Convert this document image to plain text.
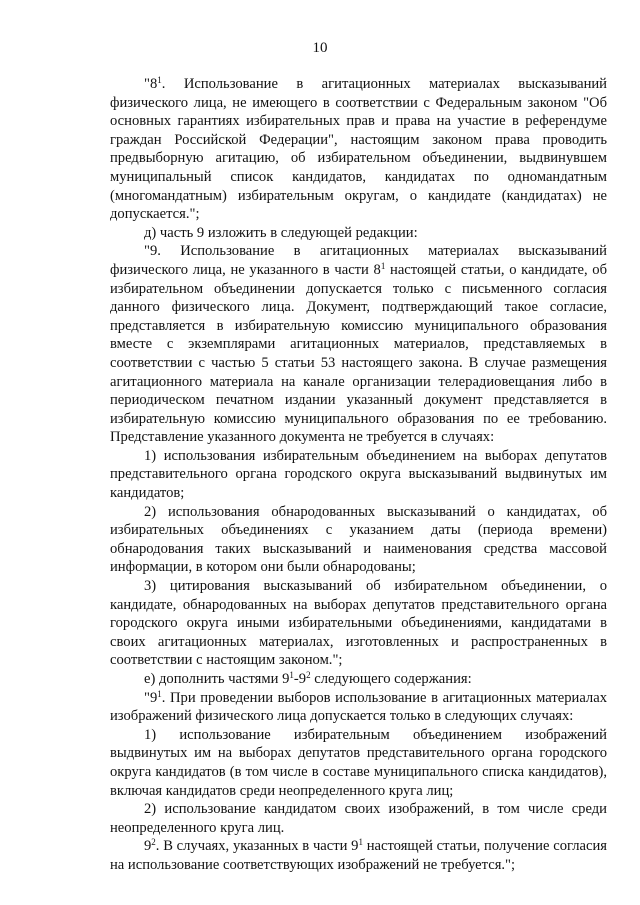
10

"$8^1$. Использование в агитационных материалах высказываний физического лица, не имеющего в соответствии с Федеральным законом "Об основных гарантиях избирательных прав и права на участие в референдуме граждан Российской Федерации", настоящим законом права проводить предвыборную агитацию, об избирательном объединении, выдвинувшем муниципальный список кандидатов, кандидатах по одномандатным (многомандатным) избирательным округам, о кандидате (кандидатах) не допускается.";

д) часть 9 изложить в следующей редакции:

"9. Использование в агитационных материалах высказываний физического лица, не указанного в части $8^1$ настоящей статьи, о кандидате, об избирательном объединении допускается только с письменного согласия данного физического лица. Документ, подтверждающий такое согласие, представляется в избирательную комиссию муниципального образования вместе с экземплярами агитационных материалов, представляемых в соответствии с частью 5 статьи 53 настоящего закона. В случае размещения агитационного материала на канале организации телерадиовещания либо в периодическом печатном издании указанный документ представляется в избирательную комиссию муниципального образования по ее требованию. Представление указанного документа не требуется в случаях:

1) использования избирательным объединением на выборах депутатов представительного органа городского округа высказываний выдвинутых им кандидатов;

2) использования обнародованных высказываний о кандидатах, об избирательных объединениях с указанием даты (периода времени) обнародования таких высказываний и наименования средства массовой информации, в котором они были обнародованы;

3) цитирования высказываний об избирательном объединении, о кандидате, обнародованных на выборах депутатов представительного органа городского округа иными избирательными объединениями, кандидатами в своих агитационных материалах, изготовленных и распространенных в соответствии с настоящим законом.";

е) дополнить частями $9^1-9^2$ следующего содержания:

"$9^1$. При проведении выборов использование в агитационных материалах изображений физического лица допускается только в следующих случаях:

1) использование избирательным объединением изображений выдвинутых им на выборах депутатов представительного органа городского округа кандидатов (в том числе в составе муниципального списка кандидатов), включая кандидатов среди неопределенного круга лиц;

2) использование кандидатом своих изображений, в том числе среди неопределенного круга лиц.

$9^2$. В случаях, указанных в части $9^1$ настоящей статьи, получение согласия на использование соответствующих изображений не требуется.";
